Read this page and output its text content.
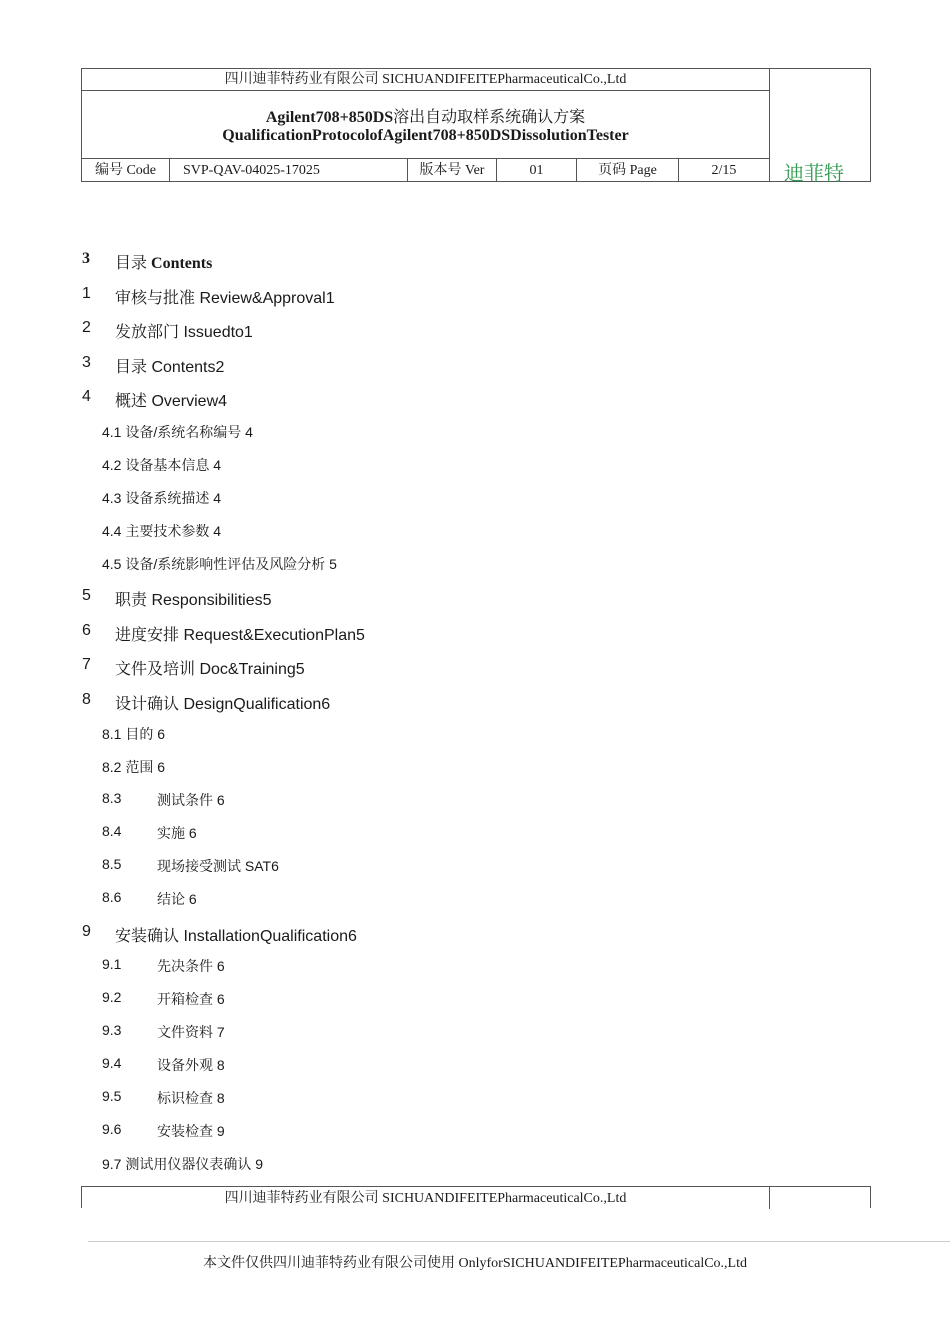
四川迪菲特药业有限公司 SICHUANDIFEITEPharmaceuticalCo.,Ltd
Agilent708+850DS溶出自动取样系统确认方案
QualificationProtocolofAgilent708+850DSDissolutionTester
编号 Code	SVP-QAV-04025-17025	版本号 Ver	01	页码 Page	2/15	迪菲特
3 目录 Contents
1 审核与批准 Review&Approval1
2 发放部门 Issuedto1
3 目录 Contents2
4 概述 Overview4
4.1 设备/系统名称编号 4
4.2 设备基本信息 4
4.3 设备系统描述 4
4.4 主要技术参数 4
4.5 设备/系统影响性评估及风险分析 5
5 职责 Responsibilities5
6 进度安排 Request&ExecutionPlan5
7 文件及培训 Doc&Training5
8 设计确认 DesignQualification6
8.1 目的 6
8.2 范围 6
8.3	测试条件 6
8.4	实施 6
8.5	现场接受测试 SAT6
8.6	结论 6
9 安装确认 InstallationQualification6
9.1	先决条件 6
9.2	开箱检查 6
9.3	文件资料 7
9.4	设备外观 8
9.5	标识检查 8
9.6	安装检查 9
9.7 测试用仪器仪表确认 9
四川迪菲特药业有限公司 SICHUANDIFEITEPharmaceuticalCo.,Ltd
本文件仅供四川迪菲特药业有限公司使用 OnlyforSICHUANDIFEITEPharmaceuticalCo.,Ltd
